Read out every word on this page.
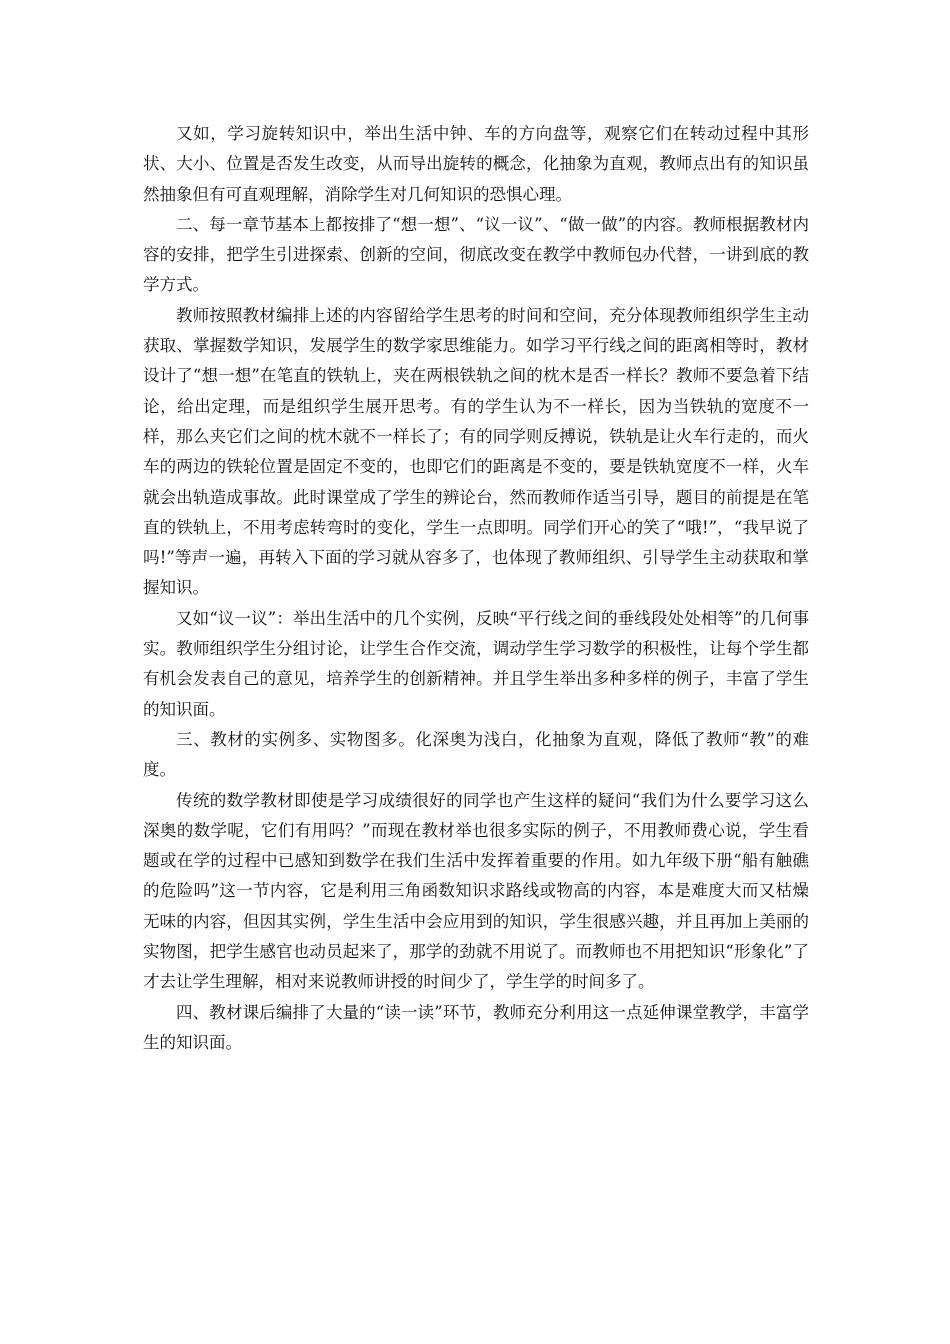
又如，学习旋转知识中，举出生活中钟、车的方向盘等，观察它们在转动过程中其形状、大小、位置是否发生改变，从而导出旋转的概念，化抽象为直观，教师点出有的知识虽然抽象但有可直观理解，消除学生对几何知识的恐惧心理。

二、每一章节基本上都按排了“想一想”、“议一议”、“做一做”的内容。教师根据教材内容的安排，把学生引进探索、创新的空间，彻底改变在教学中教师包办代替，一讲到底的教学方式。

教师按照教材编排上述的内容留给学生思考的时间和空间，充分体现教师组织学生主动获取、掌握数学知识，发展学生的数学家思维能力。如学习平行线之间的距离相等时，教材设计了“想一想”在笔直的铁轨上，夹在两根铁轨之间的枕木是否一样长？教师不要急着下结论，给出定理，而是组织学生展开思考。有的学生认为不一样长，因为当铁轨的宽度不一样，那么夹它们之间的枕木就不一样长了；有的同学则反搏说，铁轨是让火车行走的，而火车的两边的铁轮位置是固定不变的，也即它们的距离是不变的，要是铁轨宽度不一样，火车就会出轨造成事故。此时课堂成了学生的辨论台，然而教师作适当引导，题目的前提是在笔直的铁轨上，不用考虑转弯时的变化，学生一点即明。同学们开心的笑了“哦!”，“我早说了吗!”等声一遍，再转入下面的学习就从容多了，也体现了教师组织、引导学生主动获取和掌握知识。

又如“议一议”：举出生活中的几个实例，反映“平行线之间的垂线段处处相等”的几何事实。教师组织学生分组讨论，让学生合作交流，调动学生学习数学的积极性，让每个学生都有机会发表自己的意见，培养学生的创新精神。并且学生举出多种多样的例子，丰富了学生的知识面。

三、教材的实例多、实物图多。化深奥为浅白，化抽象为直观，降低了教师“教”的难度。

传统的数学教材即使是学习成绩很好的同学也产生这样的疑问“我们为什么要学习这么深奥的数学呢，它们有用吗？”而现在教材举也很多实际的例子，不用教师费心说，学生看题或在学的过程中已感知到数学在我们生活中发挥着重要的作用。如九年级下册“船有触礁的危险吗”这一节内容，它是利用三角函数知识求路线或物高的内容，本是难度大而又枯燥无味的内容，但因其实例，学生生活中会应用到的知识，学生很感兴趣，并且再加上美丽的实物图，把学生感官也动员起来了，那学的劲就不用说了。而教师也不用把知识“形象化”了才去让学生理解，相对来说教师讲授的时间少了，学生学的时间多了。

四、教材课后编排了大量的“读一读”环节，教师充分利用这一点延伸课堂教学，丰富学生的知识面。
